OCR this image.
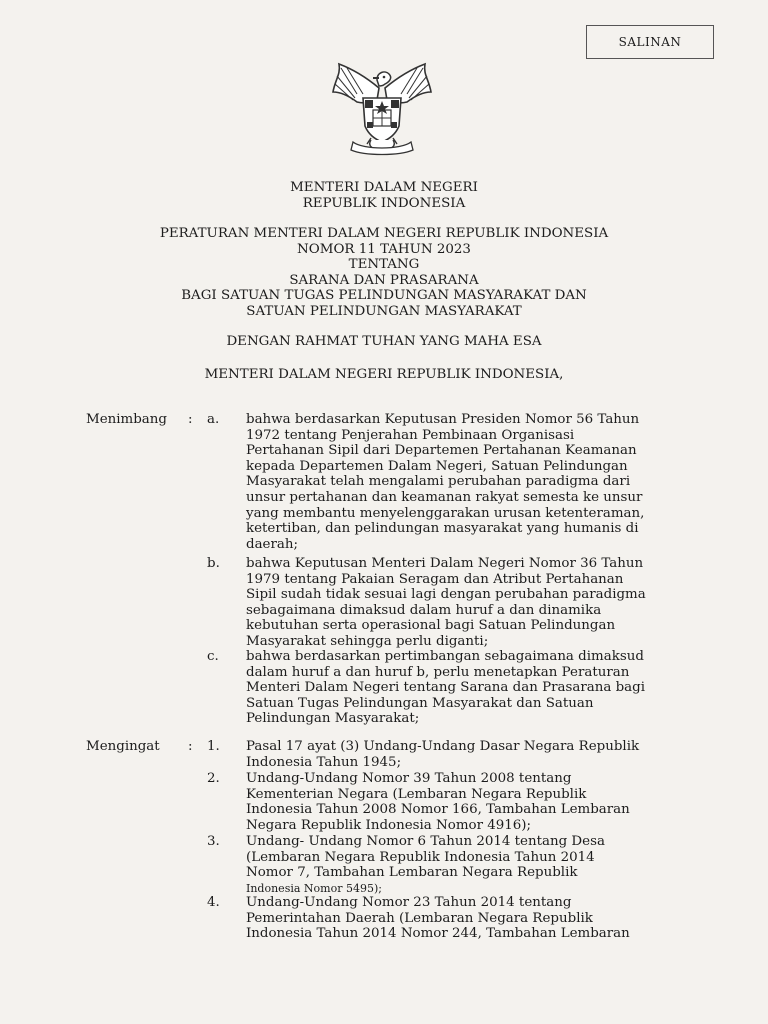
SALINAN
MENTERI DALAM NEGERI
REPUBLIK INDONESIA
PERATURAN MENTERI DALAM NEGERI REPUBLIK INDONESIA
NOMOR 11 TAHUN 2023
TENTANG
SARANA DAN PRASARANA
BAGI SATUAN TUGAS PELINDUNGAN MASYARAKAT DAN
SATUAN PELINDUNGAN MASYARAKAT
DENGAN RAHMAT TUHAN YANG MAHA ESA
MENTERI DALAM NEGERI REPUBLIK INDONESIA,
Menimbang : a. bahwa berdasarkan Keputusan Presiden Nomor 56 Tahun
1972 tentang Penjerahan Pembinaan Organisasi
Pertahanan Sipil dari Departemen Pertahanan Keamanan
kepada Departemen Dalam Negeri, Satuan Pelindungan
Masyarakat telah mengalami perubahan paradigma dari
unsur pertahanan dan keamanan rakyat semesta ke unsur
yang membantu menyelenggarakan urusan ketenteraman,
ketertiban, dan pelindungan masyarakat yang humanis di
daerah;
b. bahwa Keputusan Menteri Dalam Negeri Nomor 36 Tahun
1979 tentang Pakaian Seragam dan Atribut Pertahanan
Sipil sudah tidak sesuai lagi dengan perubahan paradigma
sebagaimana dimaksud dalam huruf a dan dinamika
kebutuhan serta operasional bagi Satuan Pelindungan
Masyarakat sehingga perlu diganti;
c. bahwa berdasarkan pertimbangan sebagaimana dimaksud
dalam huruf a dan huruf b, perlu menetapkan Peraturan
Menteri Dalam Negeri tentang Sarana dan Prasarana bagi
Satuan Tugas Pelindungan Masyarakat dan Satuan
Pelindungan Masyarakat;
Mengingat : 1. Pasal 17 ayat (3) Undang-Undang Dasar Negara Republik
Indonesia Tahun 1945;
2. Undang-Undang Nomor 39 Tahun 2008 tentang
Kementerian Negara (Lembaran Negara Republik
Indonesia Tahun 2008 Nomor 166, Tambahan Lembaran
Negara Republik Indonesia Nomor 4916);
3. Undang- Undang Nomor 6 Tahun 2014 tentang Desa
(Lembaran Negara Republik Indonesia Tahun 2014
Nomor 7, Tambahan Lembaran Negara Republik
Indonesia Nomor 5495);
4. Undang-Undang Nomor 23 Tahun 2014 tentang
Pemerintahan Daerah (Lembaran Negara Republik
Indonesia Tahun 2014 Nomor 244, Tambahan Lembaran
